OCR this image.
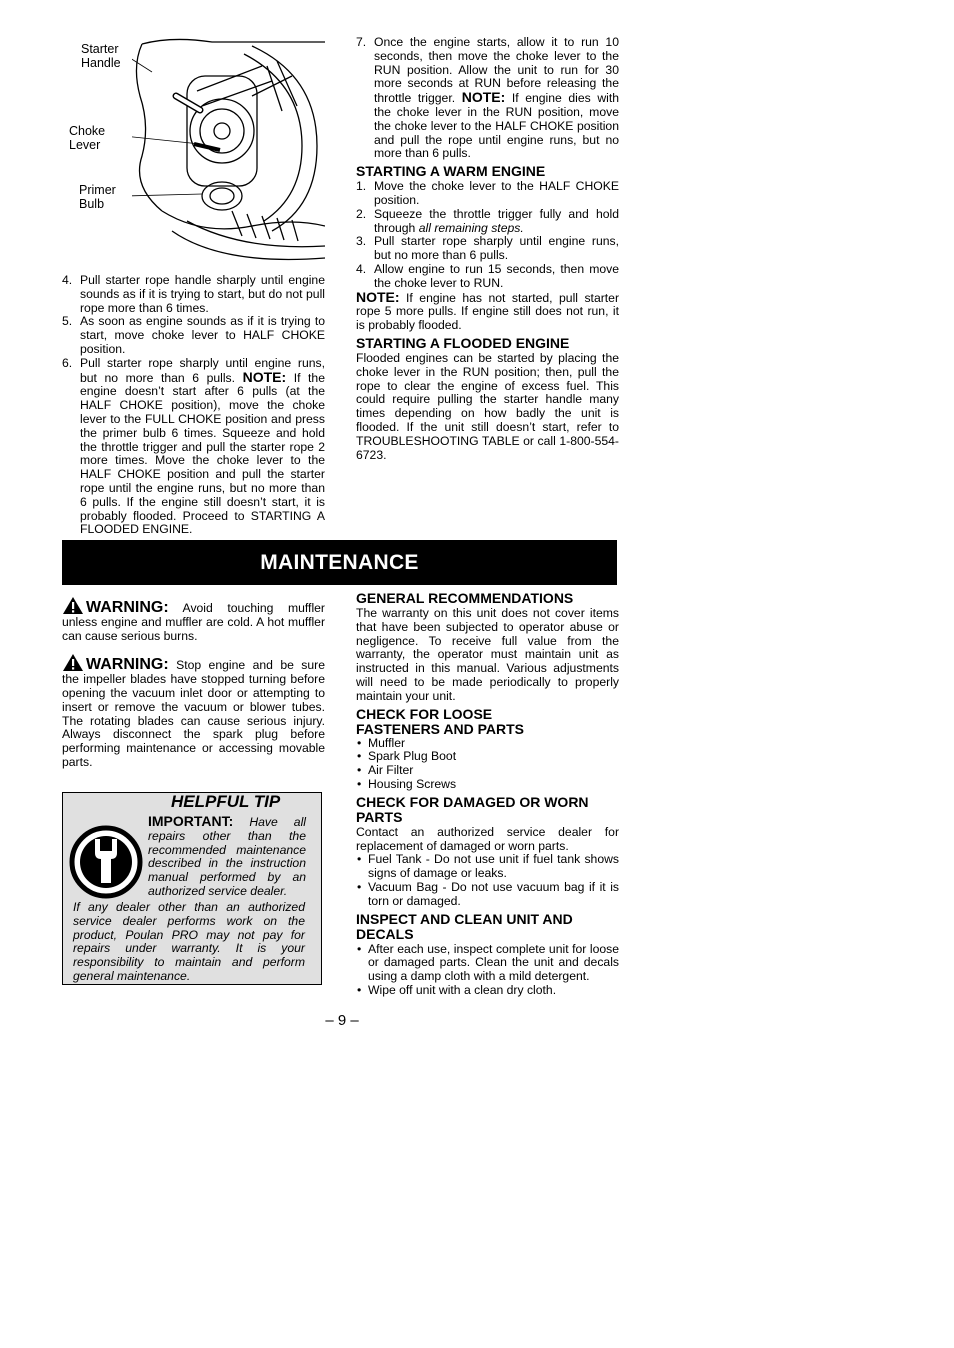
Starter
Handle
Choke
Lever
Primer
Bulb
4. Pull starter rope handle sharply until engine sounds as if it is trying to start, but do not pull rope more than 6 times.
5. As soon as engine sounds as if it is trying to start, move choke lever to HALF CHOKE position.
6. Pull starter rope sharply until engine runs, but no more than 6 pulls. NOTE: If the engine doesn’t start after 6 pulls (at the HALF CHOKE position), move the choke lever to the FULL CHOKE position and press the primer bulb 6 times. Squeeze and hold the throttle trigger and pull the starter rope 2 more times. Move the choke lever to the HALF CHOKE position and pull the starter rope until the engine runs, but no more than 6 pulls. If the engine still doesn’t start, it is probably flooded. Proceed to STARTING A FLOODED ENGINE.
7. Once the engine starts, allow it to run 10 seconds, then move the choke lever to the RUN position. Allow the unit to run for 30 more seconds at RUN before releasing the throttle trigger. NOTE: If engine dies with the choke lever in the RUN position, move the choke lever to the HALF CHOKE position and pull the rope until engine runs, but no more than 6 pulls.
STARTING A WARM ENGINE
1. Move the choke lever to the HALF CHOKE position.
2. Squeeze the throttle trigger fully and hold through all remaining steps.
3. Pull starter rope sharply until engine runs, but no more than 6 pulls.
4. Allow engine to run 15 seconds, then move the choke lever to RUN.

NOTE: If engine has not started, pull starter rope 5 more pulls. If engine still does not run, it is probably flooded.

STARTING A FLOODED ENGINE

Flooded engines can be started by placing the choke lever in the RUN position; then, pull the rope to clear the engine of excess fuel. This could require pulling the starter handle many times depending on how badly the unit is flooded. If the unit still doesn’t start, refer to TROUBLESHOOTING TABLE or call 1-800-554-6723.

MAINTENANCE

WARNING: Avoid touching muffler unless engine and muffler are cold. A hot muffler can cause serious burns.

WARNING: Stop engine and be sure the impeller blades have stopped turning before opening the vacuum inlet door or attempting to insert or remove the vacuum or blower tubes. The rotating blades can cause serious injury. Always disconnect the spark plug before performing maintenance or accessing movable parts.

HELPFUL TIP
IMPORTANT: Have all repairs other than the recommended maintenance described in the instruction manual performed by an authorized service dealer.
If any dealer other than an authorized service dealer performs work on the product, Poulan PRO may not pay for repairs under warranty. It is your responsibility to maintain and perform general maintenance.
GENERAL RECOMMENDATIONS

The warranty on this unit does not cover items that have been subjected to operator abuse or negligence. To receive full value from the warranty, the operator must maintain unit as instructed in this manual. Various adjustments will need to be made periodically to properly maintain your unit.

CHECK FOR LOOSE
FASTENERS AND PARTS
• Muffler
• Spark Plug Boot
• Air Filter
• Housing Screws
CHECK FOR DAMAGED OR WORN PARTS

Contact an authorized service dealer for replacement of damaged or worn parts.

• Fuel Tank - Do not use unit if fuel tank shows signs of damage or leaks.
• Vacuum Bag - Do not use vacuum bag if it is torn or damaged.
INSPECT AND CLEAN UNIT AND DECALS
• After each use, inspect complete unit for loose or damaged parts. Clean the unit and decals using a damp cloth with a mild detergent.
• Wipe off unit with a clean dry cloth.
– 9 –
